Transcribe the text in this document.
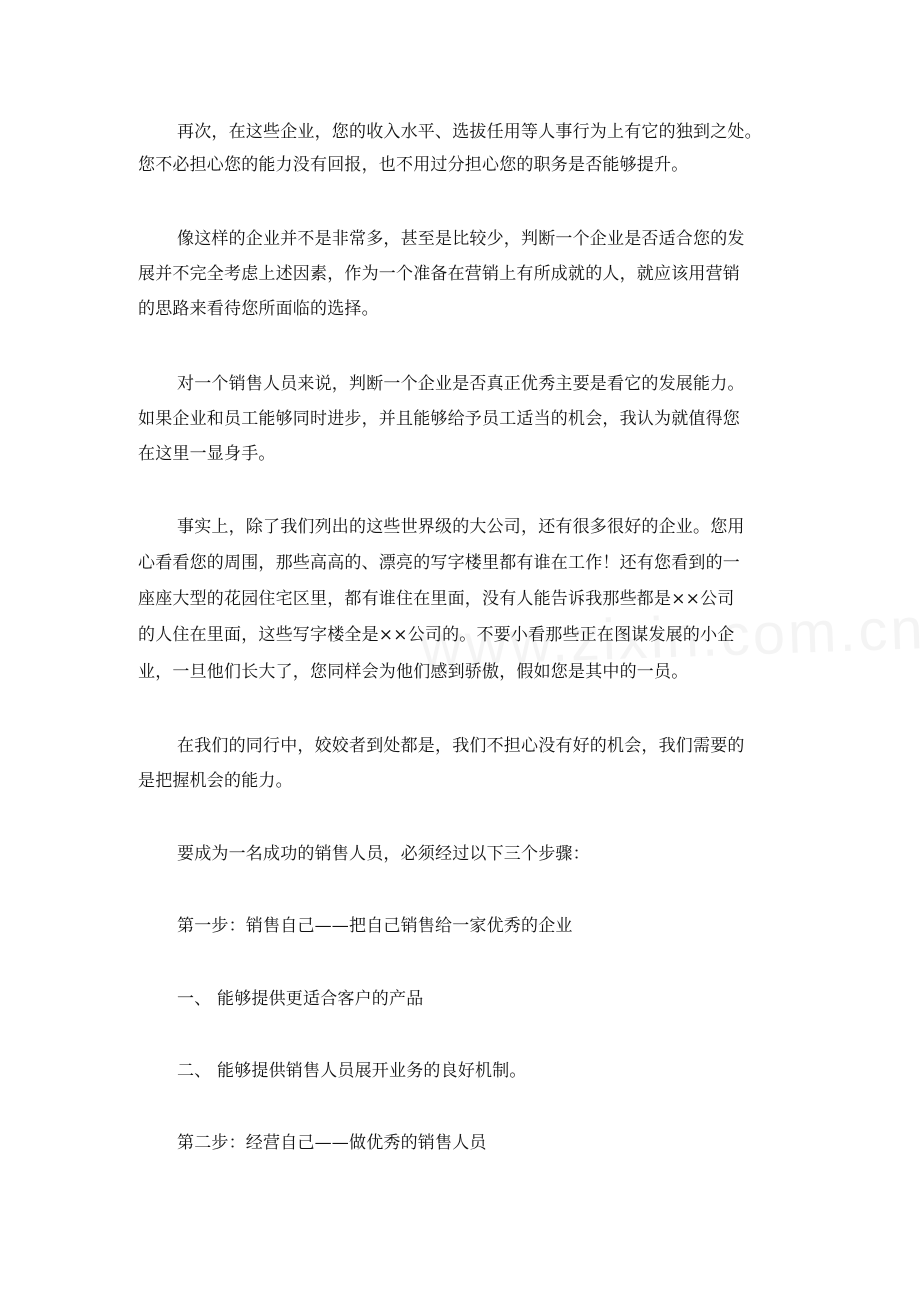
再次，在这些企业，您的收入水平、选拔任用等人事行为上有它的独到之处。
您不必担心您的能力没有回报，也不用过分担心您的职务是否能够提升。
像这样的企业并不是非常多，甚至是比较少，判断一个企业是否适合您的发
展并不完全考虑上述因素，作为一个准备在营销上有所成就的人，就应该用营销
的思路来看待您所面临的选择。
对一个销售人员来说，判断一个企业是否真正优秀主要是看它的发展能力。
如果企业和员工能够同时进步，并且能够给予员工适当的机会，我认为就值得您
在这里一显身手。
事实上，除了我们列出的这些世界级的大公司，还有很多很好的企业。您用
心看看您的周围，那些高高的、漂亮的写字楼里都有谁在工作！还有您看到的一
座座大型的花园住宅区里，都有谁住在里面，没有人能告诉我那些都是××公司
的人住在里面，这些写字楼全是××公司的。不要小看那些正在图谋发展的小企
业，一旦他们长大了，您同样会为他们感到骄傲，假如您是其中的一员。
在我们的同行中，姣姣者到处都是，我们不担心没有好的机会，我们需要的
是把握机会的能力。
要成为一名成功的销售人员，必须经过以下三个步骤：
第一步：销售自己——把自己销售给一家优秀的企业
一、 能够提供更适合客户的产品
二、 能够提供销售人员展开业务的良好机制。
第二步：经营自己——做优秀的销售人员
